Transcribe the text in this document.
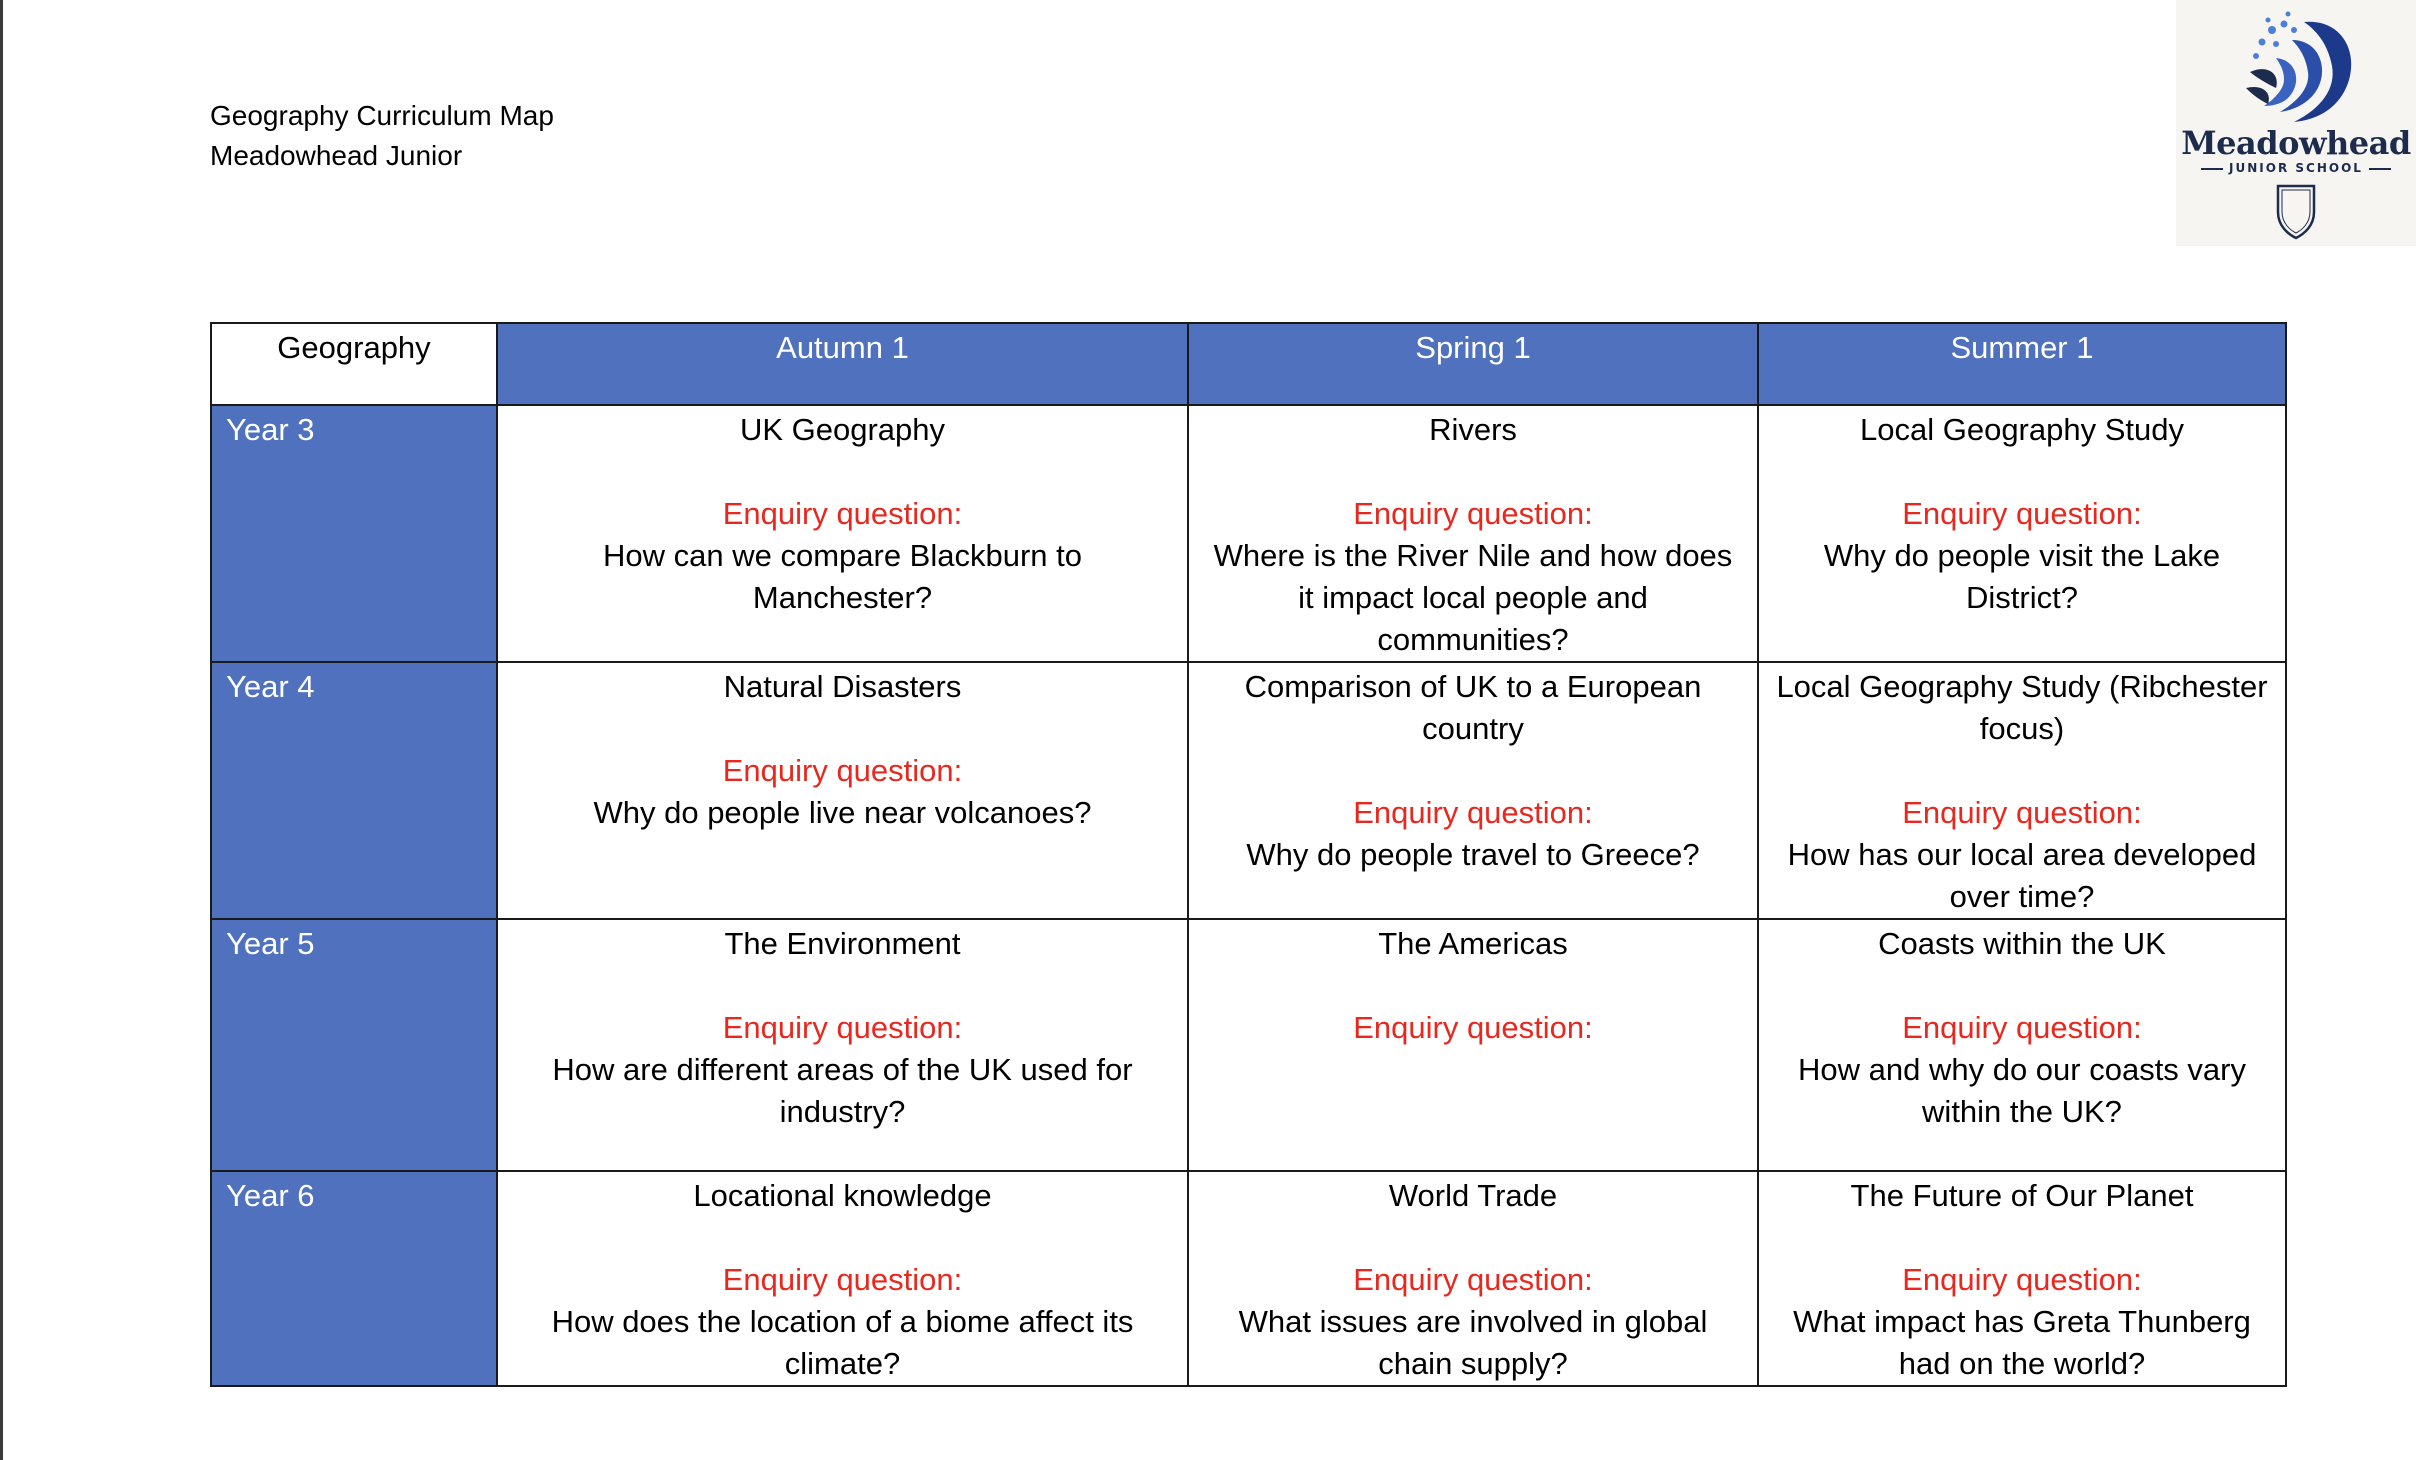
Geography Curriculum Map
Meadowhead Junior	Meadowhead
JUNIOR SCHOOL
Geography	Autumn 1	Spring 1	Summer 1
Year 3	UK Geography
Enquiry question:
How can we compare Blackburn to Manchester?	Rivers
Enquiry question:
Where is the River Nile and how does it impact local people and communities?	Local Geography Study
Enquiry question:
Why do people visit the Lake District?

Year 4	Natural Disasters
Enquiry question:
Why do people live near volcanoes?	Comparison of UK to a European country
Enquiry question:
Why do people travel to Greece?	Local Geography Study (Ribchester focus)
Enquiry question:
How has our local area developed over time?

Year 5	The Environment
Enquiry question:
How are different areas of the UK used for industry?	The Americas
Enquiry question:	Coasts within the UK
Enquiry question:
How and why do our coasts vary within the UK?

Year 6	Locational knowledge
Enquiry question:
How does the location of a biome affect its climate?	World Trade
Enquiry question:
What issues are involved in global chain supply?	The Future of Our Planet
Enquiry question:
What impact has Greta Thunberg had on the world?
